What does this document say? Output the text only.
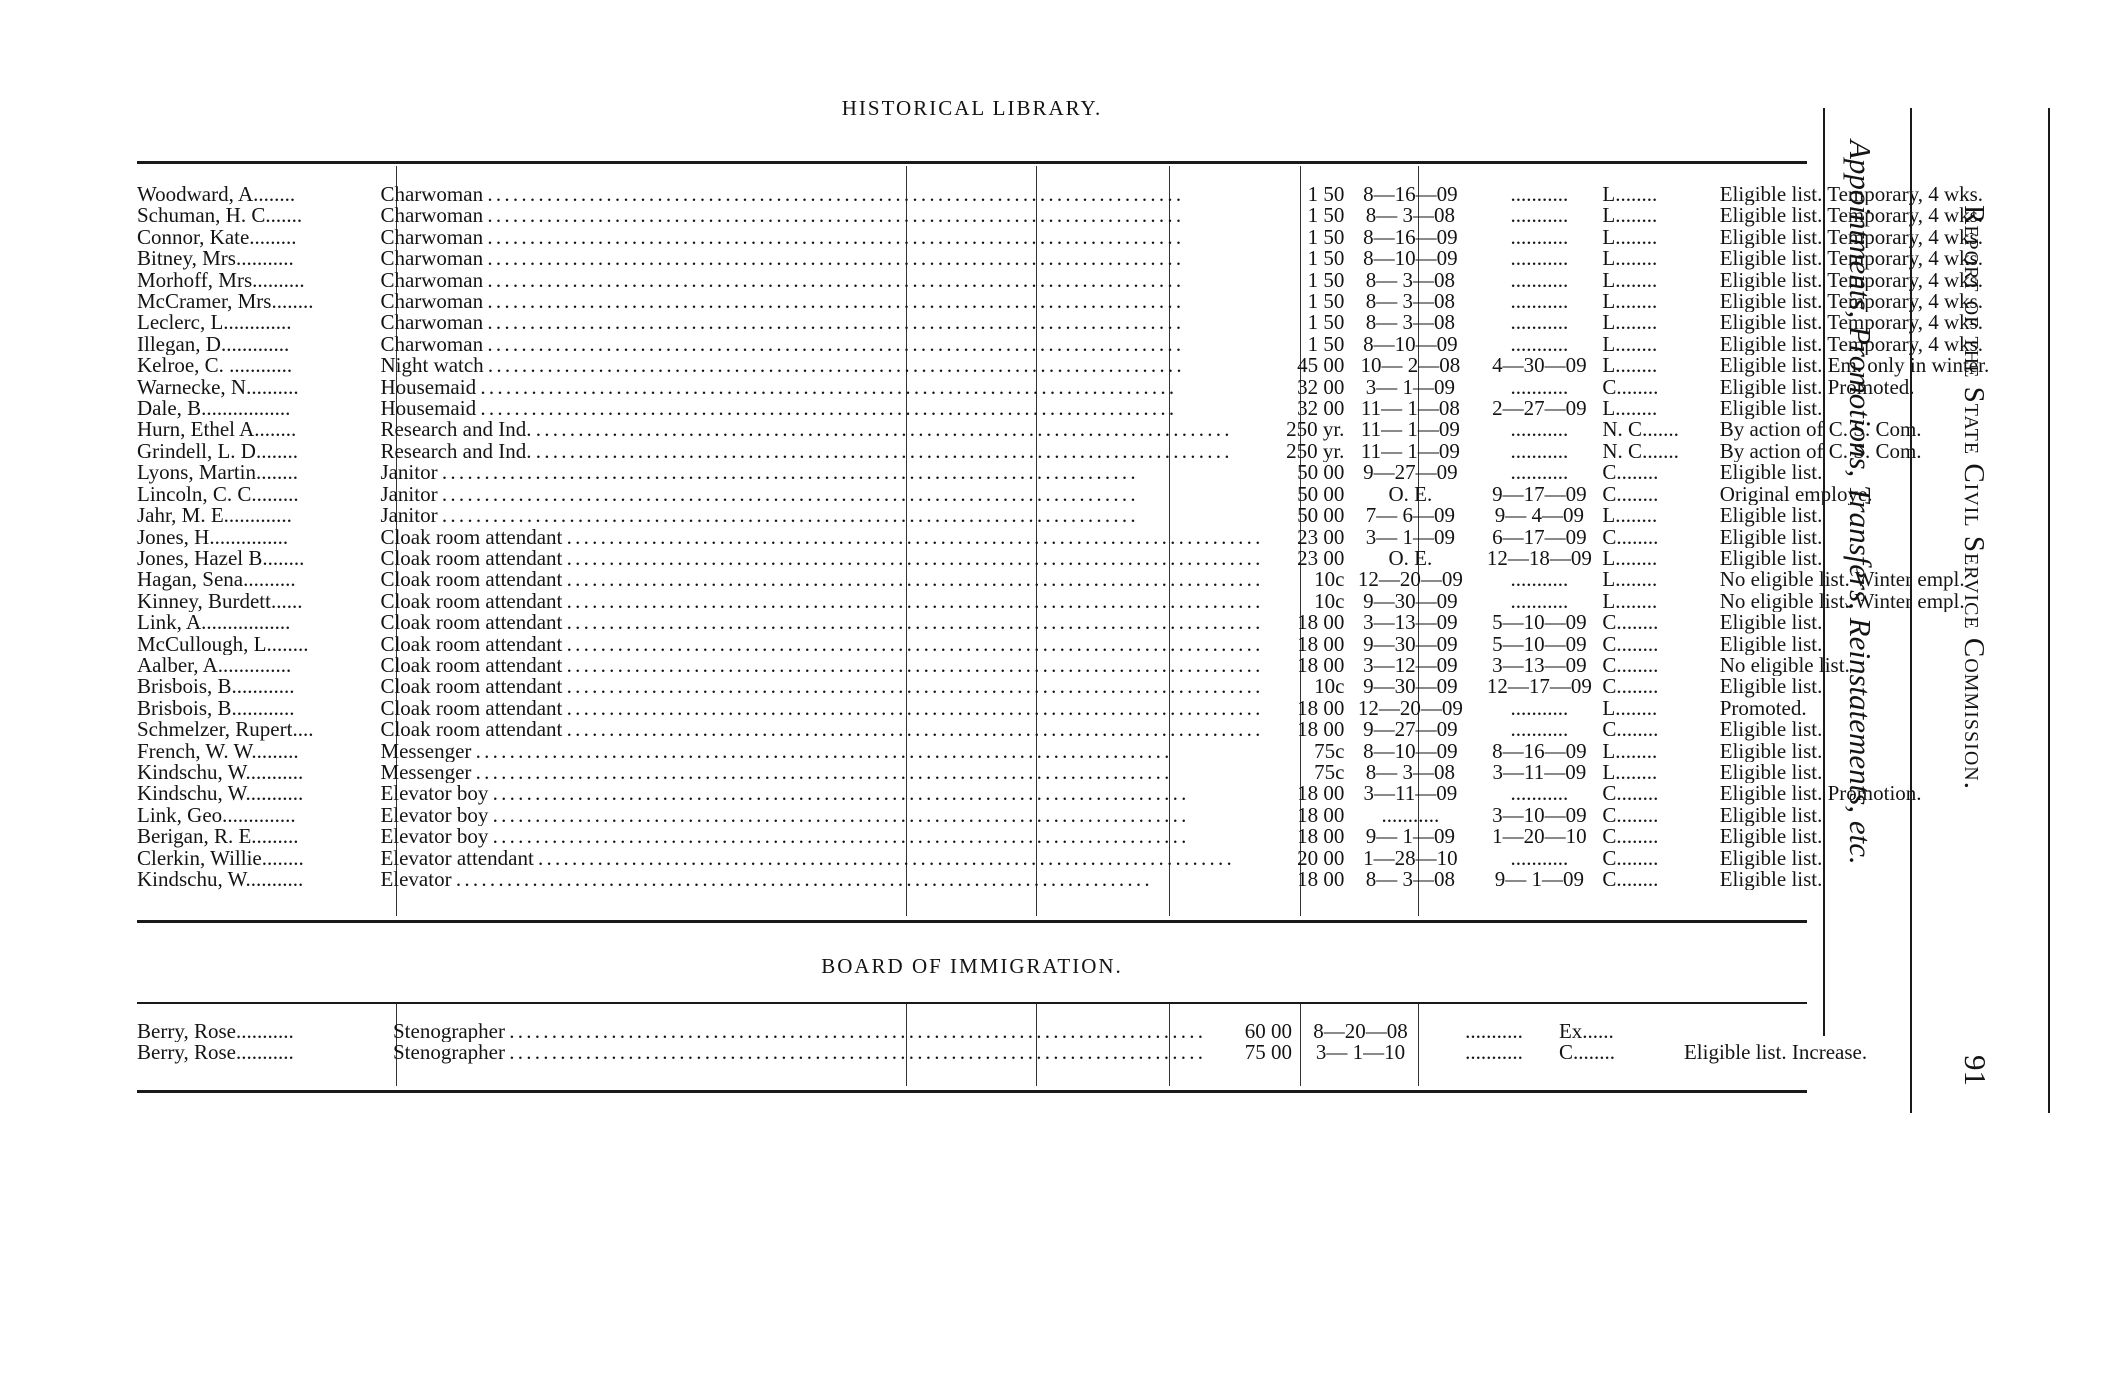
HISTORICAL LIBRARY.
Woodward, A........	Charwoman . . .	1 50	8—16—09	...........	L........	Eligible list. Temporary, 4 wks.
Schuman, H. C.......	Charwoman . . .	1 50	8— 3—08	...........	L........	Eligible list. Temporary, 4 wks.
Connor, Kate.........	Charwoman . . .	1 50	8—16—09	...........	L........	Eligible list. Temporary, 4 wks.
Bitney, Mrs...........	Charwoman . . .	1 50	8—10—09	...........	L........	Eligible list. Temporary, 4 wks.
Morhoff, Mrs..........	Charwoman . . .	1 50	8— 3—08	...........	L........	Eligible list. Temporary, 4 wks.
McCramer, Mrs........	Charwoman . . .	1 50	8— 3—08	...........	L........	Eligible list. Temporary, 4 wks.
Leclerc, L.............	Charwoman . . .	1 50	8— 3—08	...........	L........	Eligible list. Temporary, 4 wks.
Illegan, D.............	Charwoman . . .	1 50	8—10—09	...........	L........	Eligible list. Temporary, 4 wks.
Kelroe, C. ............	Night watch . . .	45 00	10— 2—08	4—30—09	L........	Eligible list. Em. only in winter.
Warnecke, N..........	Housemaid . . .	32 00	3— 1—09	...........	C........	Eligible list. Promoted.
Dale, B.................	Housemaid . . .	32 00	11— 1—08	2—27—09	L........	Eligible list.
Hurn, Ethel A........	Research and Ind. . . .	250 yr.	11— 1—09	...........	N. C.......	By action of C. S. Com.
Grindell, L. D........	Research and Ind. . . .	250 yr.	11— 1—09	...........	N. C.......	By action of C. S. Com.
Lyons, Martin........	Janitor . . .	50 00	9—27—09	...........	C........	Eligible list.
Lincoln, C. C.........	Janitor . . .	50 00	O. E.	9—17—09	C........	Original employe.
Jahr, M. E.............	Janitor . . .	50 00	7— 6—09	9— 4—09	L........	Eligible list.
Jones, H...............	Cloak room attendant . . .	23 00	3— 1—09	6—17—09	C........	Eligible list.
Jones, Hazel B........	Cloak room attendant . . .	23 00	O. E.	12—18—09	L........	Eligible list.
Hagan, Sena..........	Cloak room attendant . . .	10c	12—20—09	...........	L........	No eligible list. Winter empl.
Kinney, Burdett......	Cloak room attendant . . .	10c	9—30—09	...........	L........	No eligible list. Winter empl.
Link, A.................	Cloak room attendant . . .	18 00	3—13—09	5—10—09	C........	Eligible list.
McCullough, L........	Cloak room attendant . . .	18 00	9—30—09	5—10—09	C........	Eligible list.
Aalber, A..............	Cloak room attendant . . .	18 00	3—12—09	3—13—09	C........	No eligible list.
Brisbois, B............	Cloak room attendant . . .	10c	9—30—09	12—17—09	C........	Eligible list.
Brisbois, B............	Cloak room attendant . . .	18 00	12—20—09	...........	L........	Promoted.
Schmelzer, Rupert....	Cloak room attendant . . .	18 00	9—27—09	...........	C........	Eligible list.
French, W. W.........	Messenger . . .	75c	8—10—09	8—16—09	L........	Eligible list.
Kindschu, W...........	Messenger . . .	75c	8— 3—08	3—11—09	L........	Eligible list.
Kindschu, W...........	Elevator boy . . .	18 00	3—11—09	...........	C........	Eligible list. Promotion.
Link, Geo..............	Elevator boy . . .	18 00	...........	3—10—09	C........	Eligible list.
Berigan, R. E.........	Elevator boy . . .	18 00	9— 1—09	1—20—10	C........	Eligible list.
Clerkin, Willie........	Elevator attendant . . .	20 00	1—28—10	...........	C........	Eligible list.
Kindschu, W...........	Elevator . . .	18 00	8— 3—08	9— 1—09	C........	Eligible list.
BOARD OF IMMIGRATION.
Berry, Rose...........	Stenographer . . .	60 00	8—20—08	...........	Ex......	
Berry, Rose...........	Stenographer . . .	75 00	3— 1—10	...........	C........	Eligible list. Increase.
Appointments, Promotions, Transfers, Reinstatements, etc.	Report of the State Civil Service Commission.
91
